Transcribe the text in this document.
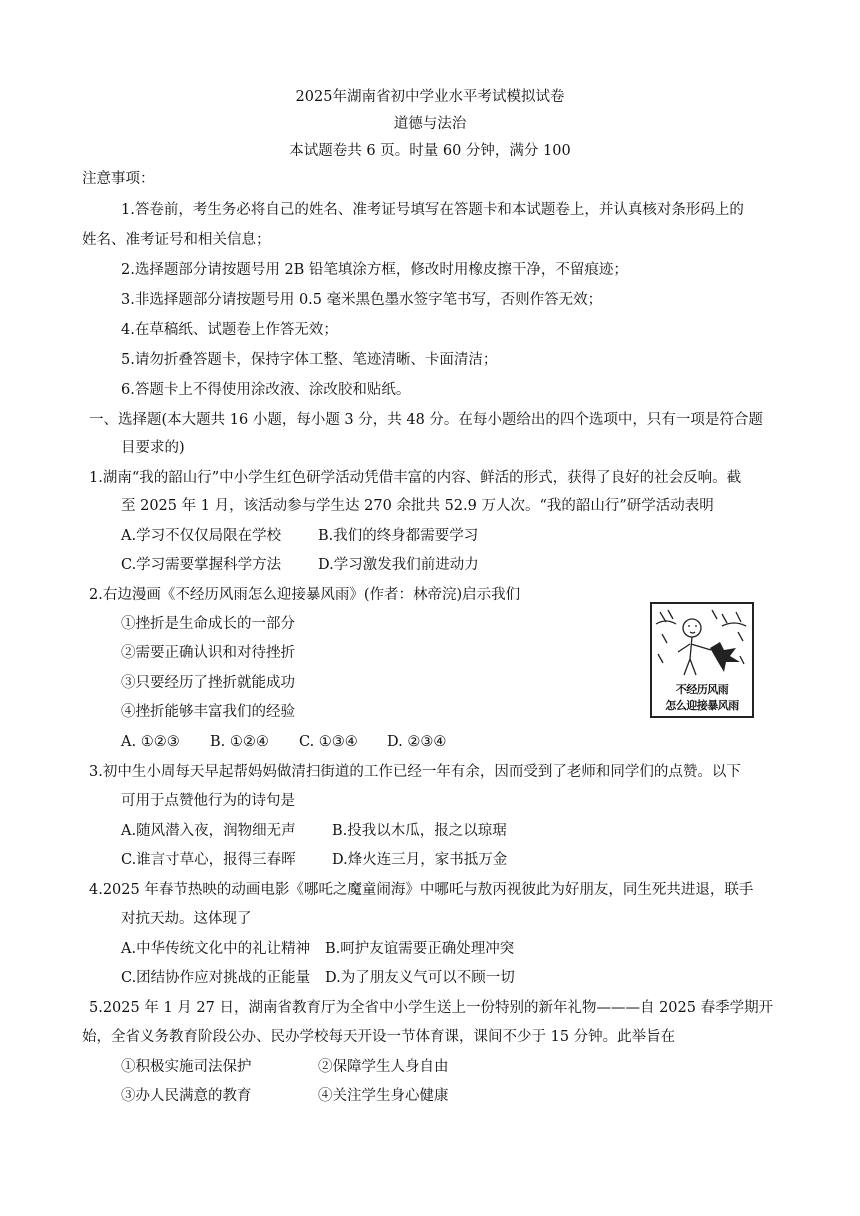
2025年湖南省初中学业水平考试模拟试卷
道德与法治
本试题卷共 6 页。时量 60 分钟，满分 100
注意事项：
1.答卷前，考生务必将自己的姓名、准考证号填写在答题卡和本试题卷上，并认真核对条形码上的
姓名、准考证号和相关信息；
2.选择题部分请按题号用 2B 铅笔填涂方框，修改时用橡皮擦干净，不留痕迹；
3.非选择题部分请按题号用 0.5 毫米黑色墨水签字笔书写，否则作答无效；
4.在草稿纸、试题卷上作答无效；
5.请勿折叠答题卡，保持字体工整、笔迹清晰、卡面清洁；
6.答题卡上不得使用涂改液、涂改胶和贴纸。
一、选择题(本大题共 16 小题，每小题 3 分，共 48 分。在每小题给出的四个选项中，只有一项是符合题
目要求的)
1.湖南“我的韶山行”中小学生红色研学活动凭借丰富的内容、鲜活的形式，获得了良好的社会反响。截
至 2025 年 1 月，该活动参与学生达 270 余批共 52.9 万人次。“我的韶山行”研学活动表明
A.学习不仅仅局限在学校	B.我们的终身都需要学习
C.学习需要掌握科学方法	D.学习激发我们前进动力
2.右边漫画《不经历风雨怎么迎接暴风雨》(作者：林帝浣)启示我们
①挫折是生命成长的一部分
②需要正确认识和对待挫折
③只要经历了挫折就能成功
④挫折能够丰富我们的经验
A. ①②③ B. ①②④ C. ①③④ D. ②③④
不经历风雨
怎么迎接暴风雨
3.初中生小周每天早起帮妈妈做清扫街道的工作已经一年有余，因而受到了老师和同学们的点赞。以下
可用于点赞他行为的诗句是
A.随风潜入夜，润物细无声	B.投我以木瓜，报之以琼琚
C.谁言寸草心，报得三春晖	D.烽火连三月，家书抵万金
4.2025 年春节热映的动画电影《哪吒之魔童闹海》中哪吒与敖丙视彼此为好朋友，同生死共进退，联手
对抗天劫。这体现了
A.中华传统文化中的礼让精神 B.呵护友谊需要正确处理冲突
C.团结协作应对挑战的正能量 D.为了朋友义气可以不顾一切
5.2025 年 1 月 27 日，湖南省教育厅为全省中小学生送上一份特别的新年礼物———自 2025 春季学期开
始，全省义务教育阶段公办、民办学校每天开设一节体育课，课间不少于 15 分钟。此举旨在
①积极实施司法保护	②保障学生人身自由
③办人民满意的教育	④关注学生身心健康
